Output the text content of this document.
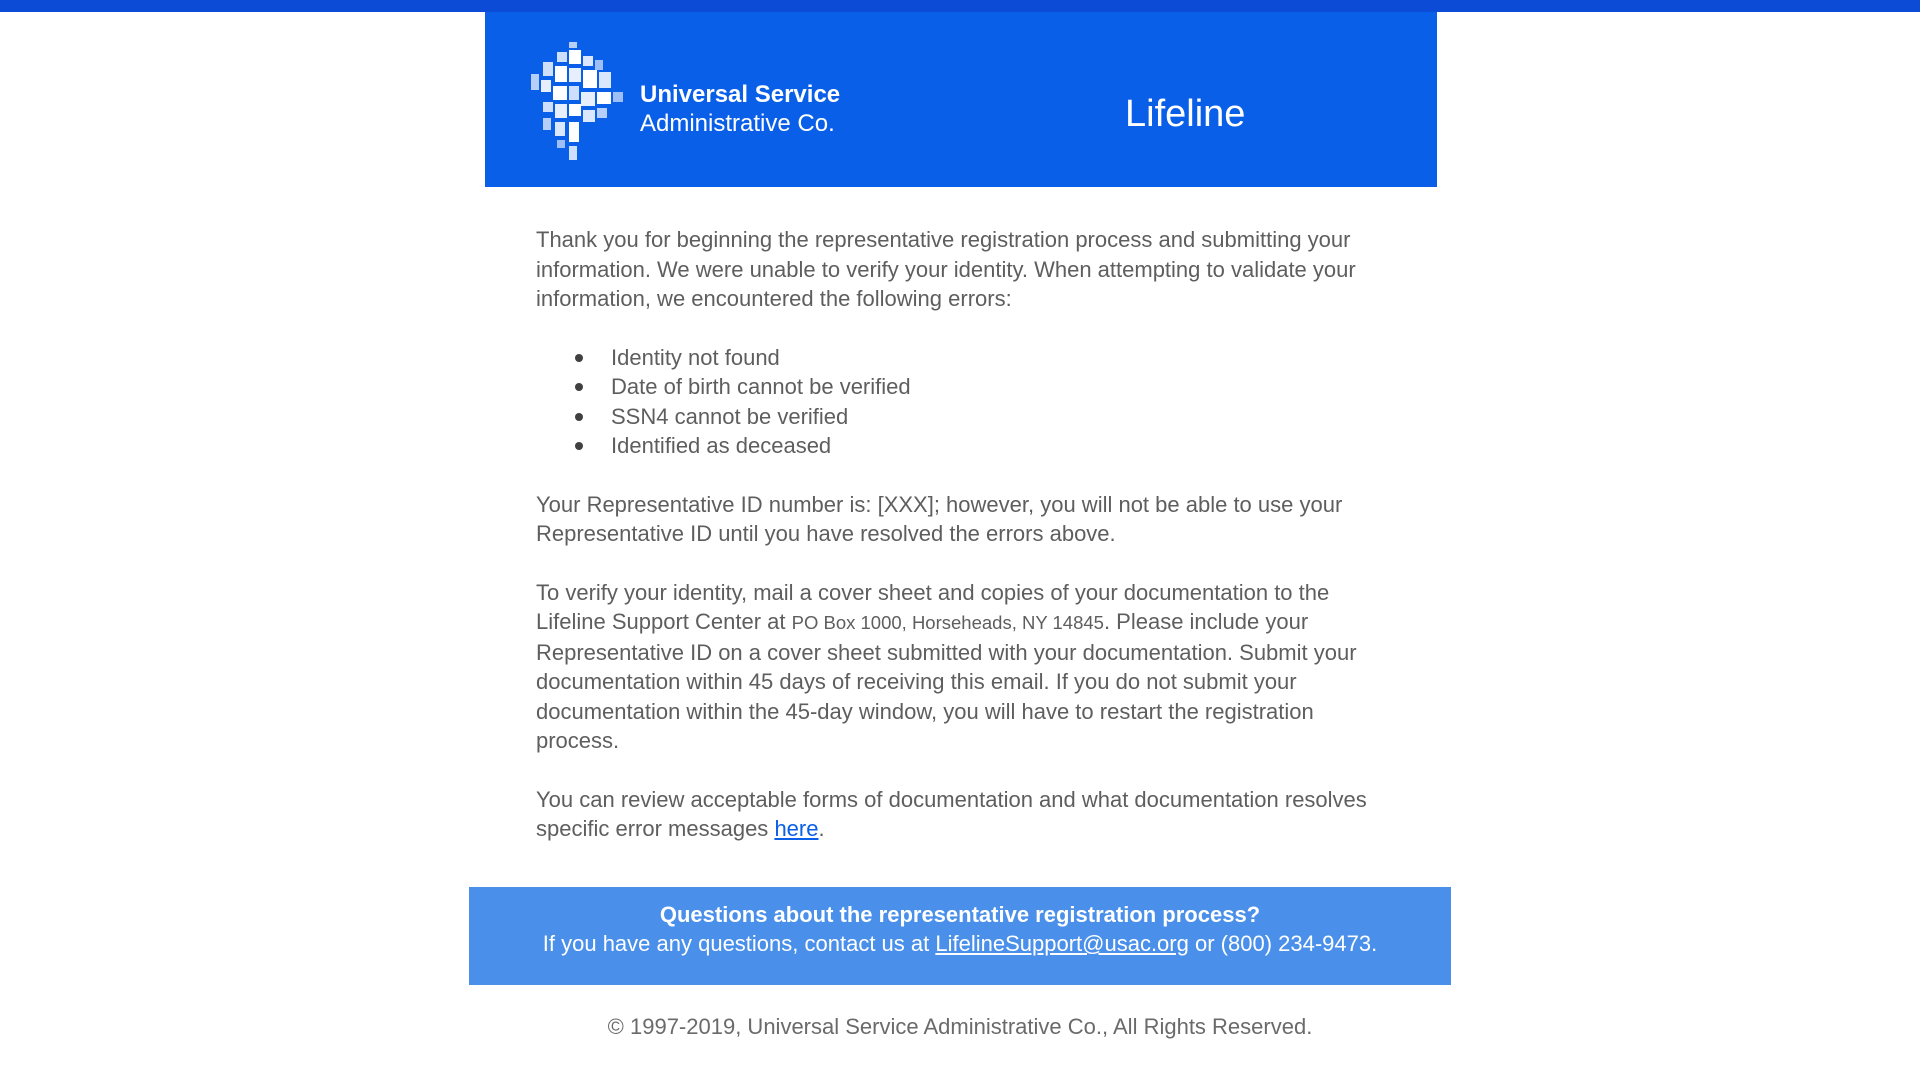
Universal Service
Administrative Co.	Lifeline

Thank you for beginning the representative registration process and submitting your information. We were unable to verify your identity. When attempting to validate your information, we encountered the following errors:

Identity not found
Date of birth cannot be verified
SSN4 cannot be verified
Identified as deceased

Your Representative ID number is: [XXX]; however, you will not be able to use your Representative ID until you have resolved the errors above.

To verify your identity, mail a cover sheet and copies of your documentation to the Lifeline Support Center at PO Box 1000, Horseheads, NY 14845. Please include your Representative ID on a cover sheet submitted with your documentation. Submit your documentation within 45 days of receiving this email. If you do not submit your documentation within the 45-day window, you will have to restart the registration process.

You can review acceptable forms of documentation and what documentation resolves specific error messages here.

Questions about the representative registration process?
If you have any questions, contact us at LifelineSupport@usac.org or (800) 234-9473.
© 1997-2019, Universal Service Administrative Co., All Rights Reserved.
